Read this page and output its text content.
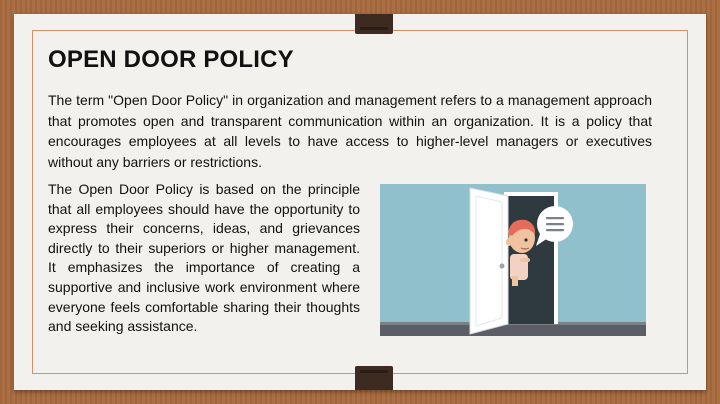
OPEN DOOR POLICY
The term "Open Door Policy" in organization and management refers to a management approach that promotes open and transparent communication within an organization. It is a policy that encourages employees at all levels to have access to higher-level managers or executives without any barriers or restrictions.
The Open Door Policy is based on the principle that all employees should have the opportunity to express their concerns, ideas, and grievances directly to their superiors or higher management. It emphasizes the importance of creating a supportive and inclusive work environment where everyone feels comfortable sharing their thoughts and seeking assistance.
